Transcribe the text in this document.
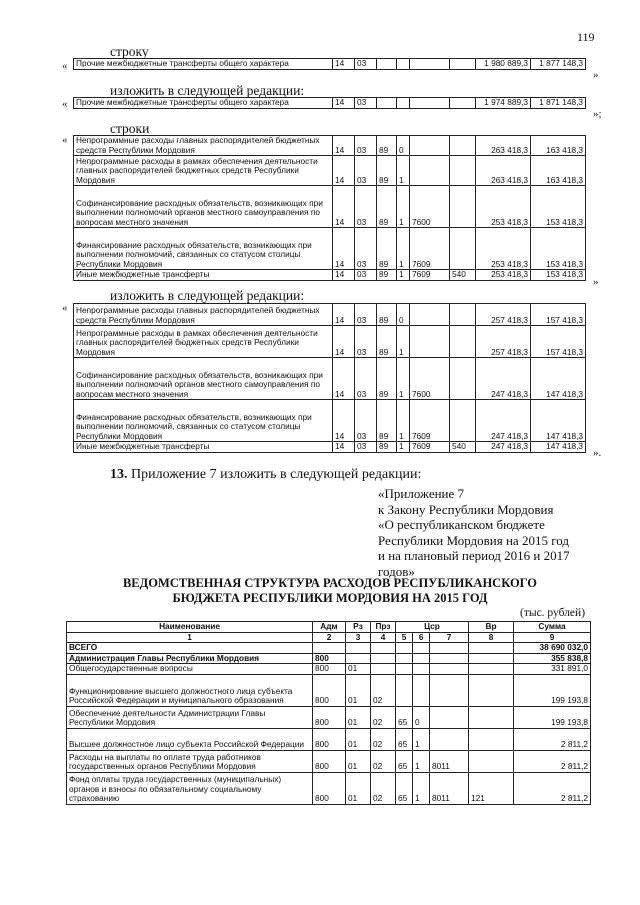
119
строку
« Прочие межбюджетные трансферты общего характера	14	03					1 980 889,3	1 877 148,3
»
изложить в следующей редакции:
« Прочие межбюджетные трансферты общего характера	14	03					1 974 889,3	1 871 148,3
»;
строки
« Непрограммные расходы главных распорядителей бюджетных средств Республики Мордовия	14	03	89	0			263 418,3	163 418,3
Непрограммные расходы в рамках обеспечения деятельности главных распорядителей бюджетных средств Республики Мордовия	14	03	89	1			263 418,3	163 418,3
Софинансирование расходных обязательств, возникающих при выполнении полномочий органов местного самоуправления по вопросам местного значения	14	03	89	1	7600		253 418,3	153 418,3
Финансирование расходных обязательств, возникающих при выполнении полномочий, связанных со статусом столицы Республики Мордовия	14	03	89	1	7609		253 418,3	153 418,3
Иные межбюджетные трансферты	14	03	89	1	7609	540	253 418,3	153 418,3
»
изложить в следующей редакции:
« Непрограммные расходы главных распорядителей бюджетных средств Республики Мордовия	14	03	89	0			257 418,3	157 418,3
Непрограммные расходы в рамках обеспечения деятельности главных распорядителей бюджетных средств Республики Мордовия	14	03	89	1			257 418,3	157 418,3
Софинансирование расходных обязательств, возникающих при выполнении полномочий органов местного самоуправления по вопросам местного значения	14	03	89	1	7600		247 418,3	147 418,3
Финансирование расходных обязательств, возникающих при выполнении полномочий, связанных со статусом столицы Республики Мордовия	14	03	89	1	7609		247 418,3	147 418,3
Иные межбюджетные трансферты	14	03	89	1	7609	540	247 418,3	147 418,3
».
13. Приложение 7 изложить в следующей редакции:
«Приложение 7
к Закону Республики Мордовия
«О республиканском бюджете
Республики Мордовия на 2015 год
и на плановый период 2016 и 2017
годов»
ВЕДОМСТВЕННАЯ СТРУКТУРА РАСХОДОВ РЕСПУБЛИКАНСКОГО
БЮДЖЕТА РЕСПУБЛИКИ МОРДОВИЯ НА 2015 ГОД
(тыс. рублей)
Наименование	Адм	Рз	Прз	Цср			Вр	Сумма
1	2	3	4	5	6	7	8	9
ВСЕГО								38 690 032,0
Администрация Главы Республики Мордовия	800							355 838,8
Общегосударственные вопросы	800	01						331 891,0
Функционирование высшего должностного лица субъекта Российской Федерации и муниципального образования	800	01	02					199 193,8
Обеспечение деятельности Администрации Главы Республики Мордовия	800	01	02	65	0			199 193,8
Высшее должностное лицо субъекта Российской Федерации	800	01	02	65	1			2 811,2
Расходы на выплаты по оплате труда работников государственных органов Республики Мордовия	800	01	02	65	1	8011		2 811,2
Фонд оплаты труда государственных (муниципальных) органов и взносы по обязательному социальному страхованию	800	01	02	65	1	8011	121	2 811,2
